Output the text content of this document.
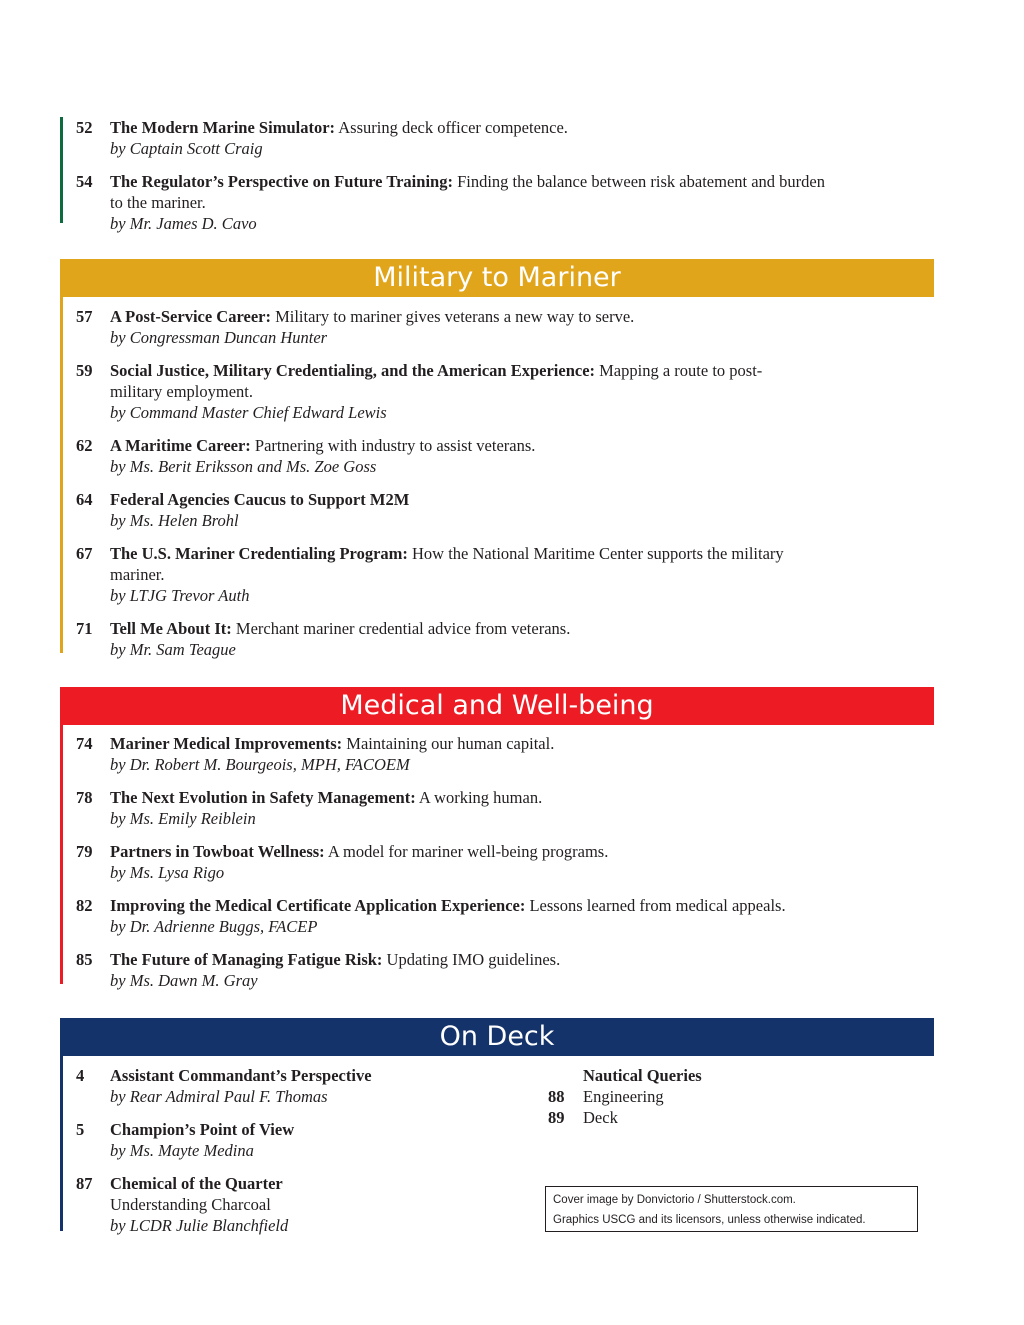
52 The Modern Marine Simulator: Assuring deck officer competence.
by Captain Scott Craig
54 The Regulator’s Perspective on Future Training: Finding the balance between risk abatement and burden to the mariner.
by Mr. James D. Cavo
Military to Mariner
57 A Post-Service Career: Military to mariner gives veterans a new way to serve.
by Congressman Duncan Hunter
59 Social Justice, Military Credentialing, and the American Experience: Mapping a route to post-military employment.
by Command Master Chief Edward Lewis
62 A Maritime Career: Partnering with industry to assist veterans.
by Ms. Berit Eriksson and Ms. Zoe Goss
64 Federal Agencies Caucus to Support M2M
by Ms. Helen Brohl
67 The U.S. Mariner Credentialing Program: How the National Maritime Center supports the military mariner.
by LTJG Trevor Auth
71 Tell Me About It: Merchant mariner credential advice from veterans.
by Mr. Sam Teague
Medical and Well-being
74 Mariner Medical Improvements: Maintaining our human capital.
by Dr. Robert M. Bourgeois, MPH, FACOEM
78 The Next Evolution in Safety Management: A working human.
by Ms. Emily Reiblein
79 Partners in Towboat Wellness: A model for mariner well-being programs.
by Ms. Lysa Rigo
82 Improving the Medical Certificate Application Experience: Lessons learned from medical appeals.
by Dr. Adrienne Buggs, FACEP
85 The Future of Managing Fatigue Risk: Updating IMO guidelines.
by Ms. Dawn M. Gray
On Deck
4 Assistant Commandant’s Perspective
by Rear Admiral Paul F. Thomas
5 Champion’s Point of View
by Ms. Mayte Medina
87 Chemical of the Quarter
Understanding Charcoal
by LCDR Julie Blanchfield
Nautical Queries
88 Engineering
89 Deck
Cover image by Donvictorio / Shutterstock.com.
Graphics USCG and its licensors, unless otherwise indicated.
